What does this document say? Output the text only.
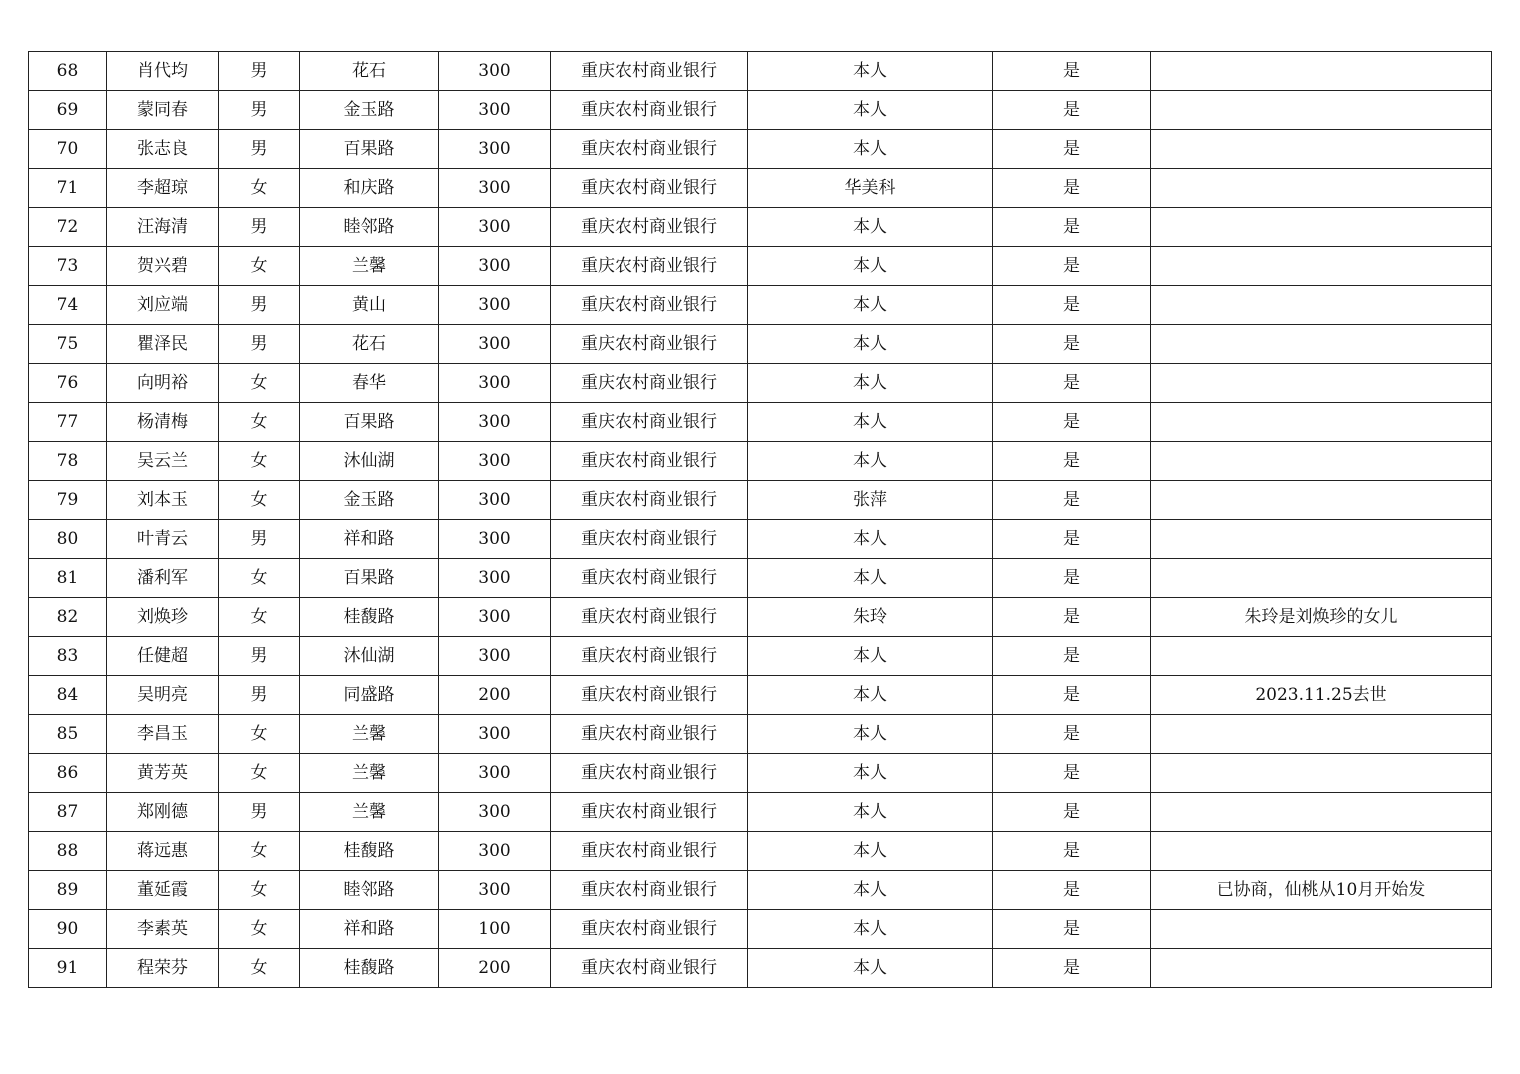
68	肖代均	男	花石	300	重庆农村商业银行	本人	是	
69	蒙同春	男	金玉路	300	重庆农村商业银行	本人	是	
70	张志良	男	百果路	300	重庆农村商业银行	本人	是	
71	李超琼	女	和庆路	300	重庆农村商业银行	华美科	是	
72	汪海清	男	睦邻路	300	重庆农村商业银行	本人	是	
73	贺兴碧	女	兰馨	300	重庆农村商业银行	本人	是	
74	刘应端	男	黄山	300	重庆农村商业银行	本人	是	
75	瞿泽民	男	花石	300	重庆农村商业银行	本人	是	
76	向明裕	女	春华	300	重庆农村商业银行	本人	是	
77	杨清梅	女	百果路	300	重庆农村商业银行	本人	是	
78	吴云兰	女	沐仙湖	300	重庆农村商业银行	本人	是	
79	刘本玉	女	金玉路	300	重庆农村商业银行	张萍	是	
80	叶青云	男	祥和路	300	重庆农村商业银行	本人	是	
81	潘利军	女	百果路	300	重庆农村商业银行	本人	是	
82	刘焕珍	女	桂馥路	300	重庆农村商业银行	朱玲	是	朱玲是刘焕珍的女儿
83	任健超	男	沐仙湖	300	重庆农村商业银行	本人	是	
84	吴明亮	男	同盛路	200	重庆农村商业银行	本人	是	2023.11.25去世
85	李昌玉	女	兰馨	300	重庆农村商业银行	本人	是	
86	黄芳英	女	兰馨	300	重庆农村商业银行	本人	是	
87	郑刚德	男	兰馨	300	重庆农村商业银行	本人	是	
88	蒋远惠	女	桂馥路	300	重庆农村商业银行	本人	是	
89	董延霞	女	睦邻路	300	重庆农村商业银行	本人	是	已协商，仙桃从10月开始发
90	李素英	女	祥和路	100	重庆农村商业银行	本人	是	
91	程荣芬	女	桂馥路	200	重庆农村商业银行	本人	是	
